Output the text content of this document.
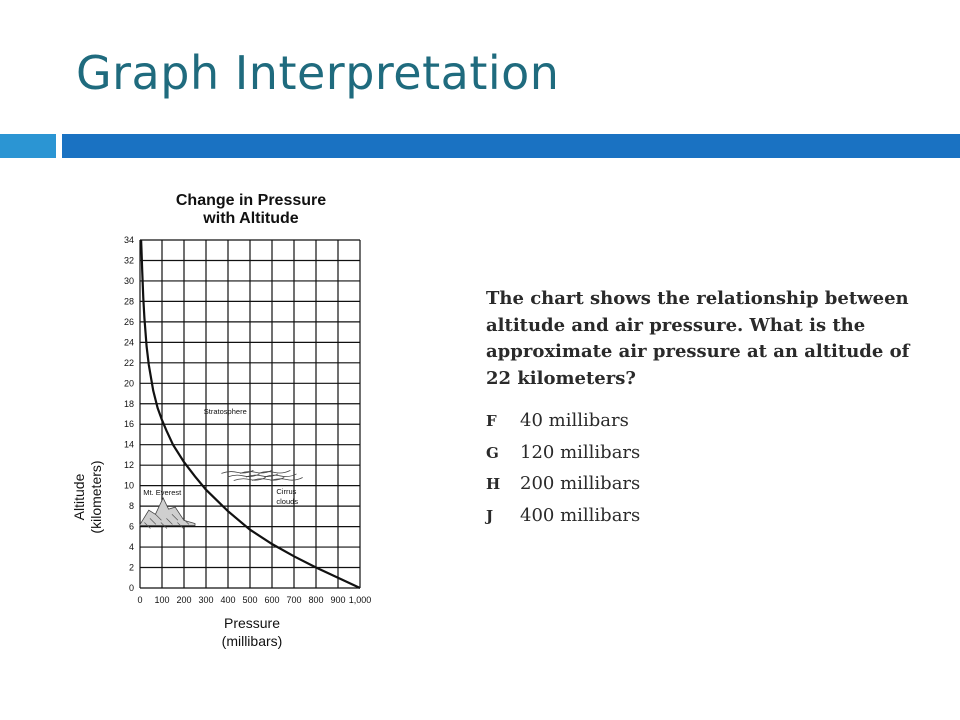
Graph Interpretation
Change in Pressure
with Altitude
0 100 200 300 400 500 600 700 800 900 1,000
0
2
4
6
8
10
12
14
16
18
20
22
24
26
28
30
32
34
Stratosphere
Cirrus
clouds
Mt. Everest
Pressure
(millibars)
Altitude (kilometers)
The chart shows the relationship between altitude and air pressure. What is the approximate air pressure at an altitude of 22 kilometers?
F	40 millibars
G	120 millibars
H	200 millibars
J	400 millibars
